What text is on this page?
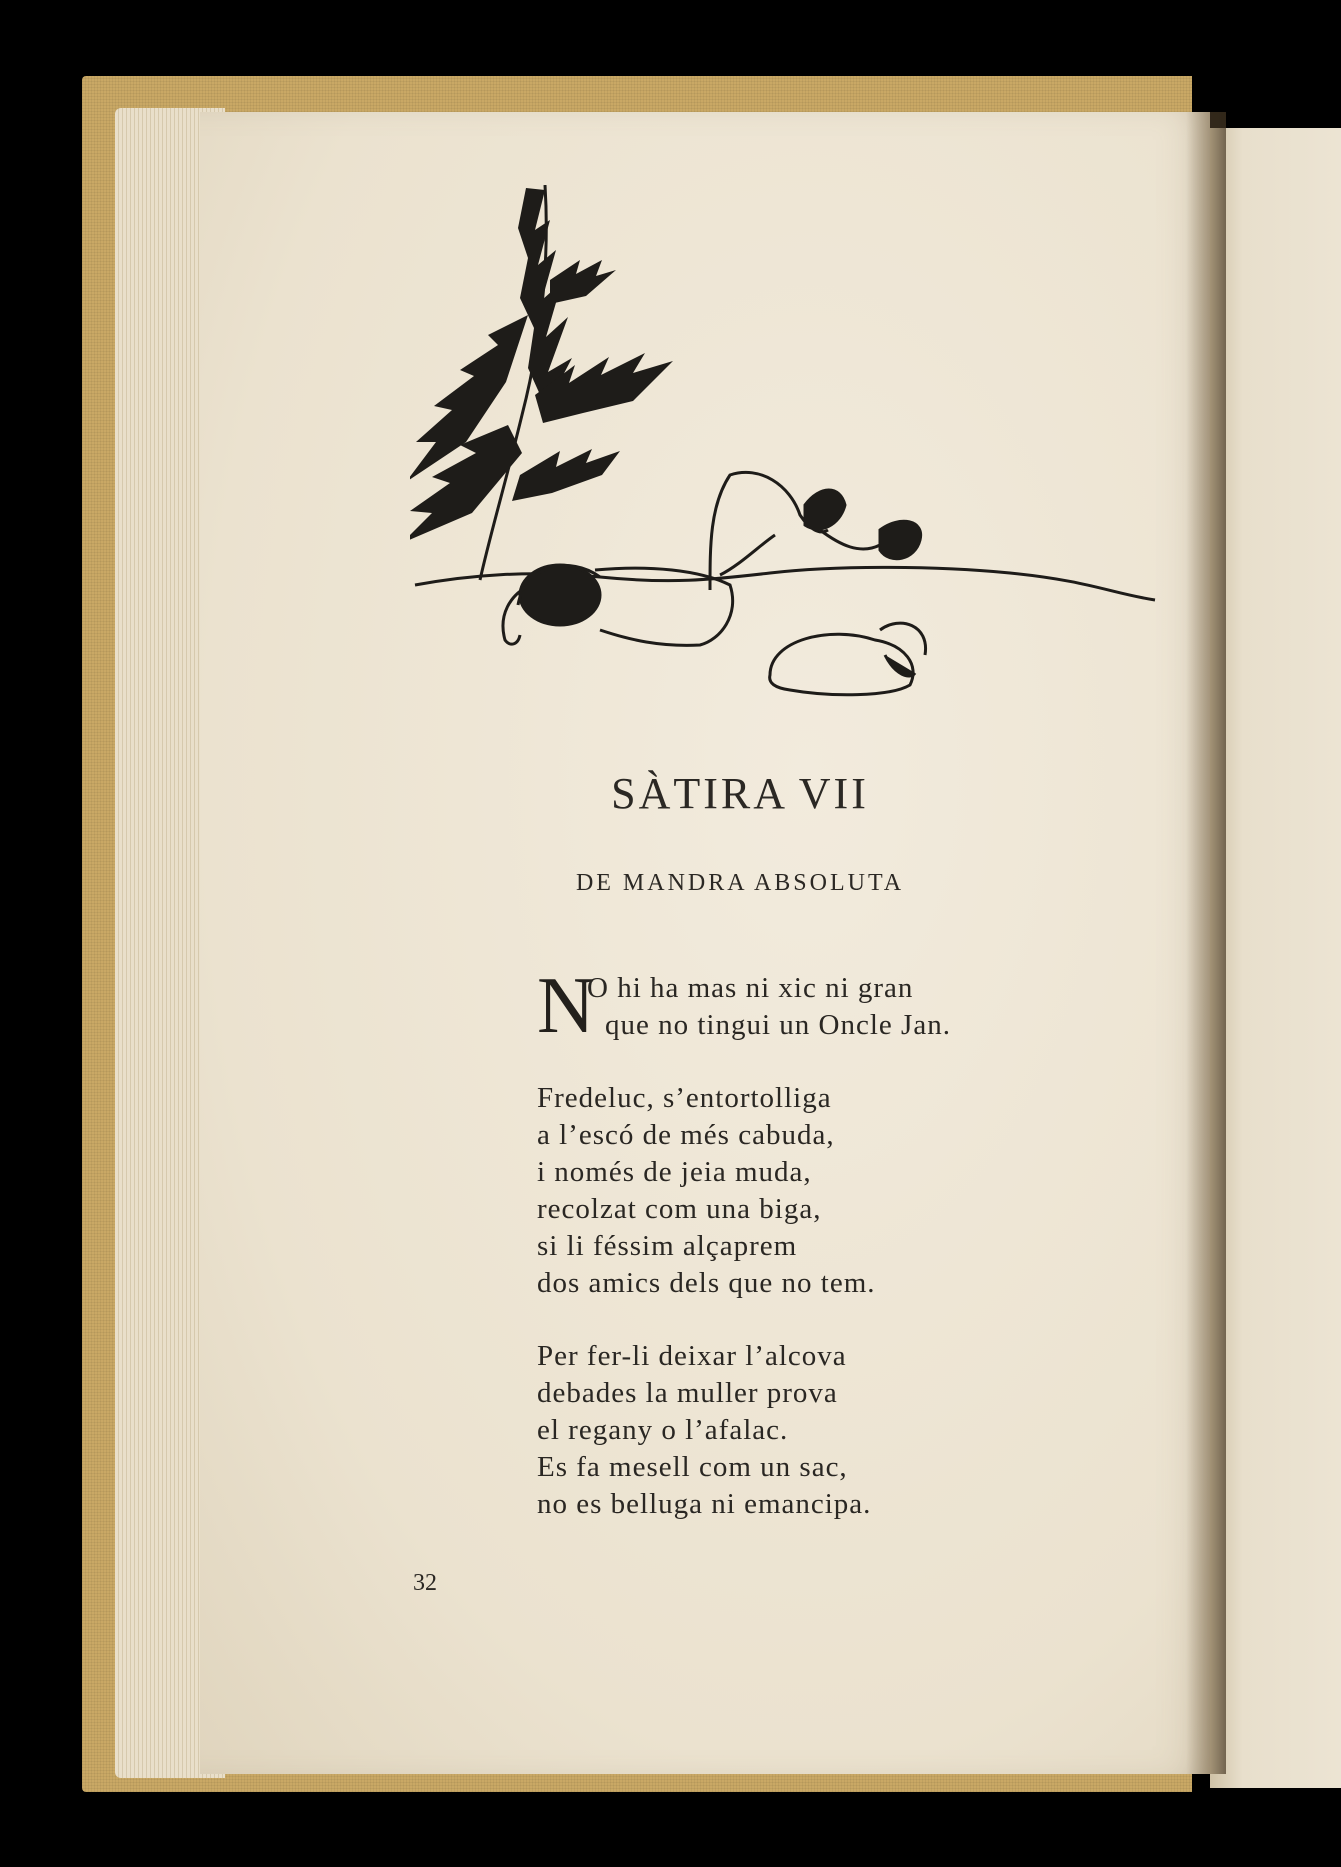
SÀTIRA VII
DE MANDRA ABSOLUTA
N
O hi ha mas ni xic ni gran
que no tingui un Oncle Jan.
Fredeluc, s’entortolliga
a l’escó de més cabuda,
i només de jeia muda,
recolzat com una biga,
si li féssim alçaprem
dos amics dels que no tem.
Per fer-li deixar l’alcova
debades la muller prova
el regany o l’afalac.
Es fa mesell com un sac,
no es belluga ni emancipa.
32
